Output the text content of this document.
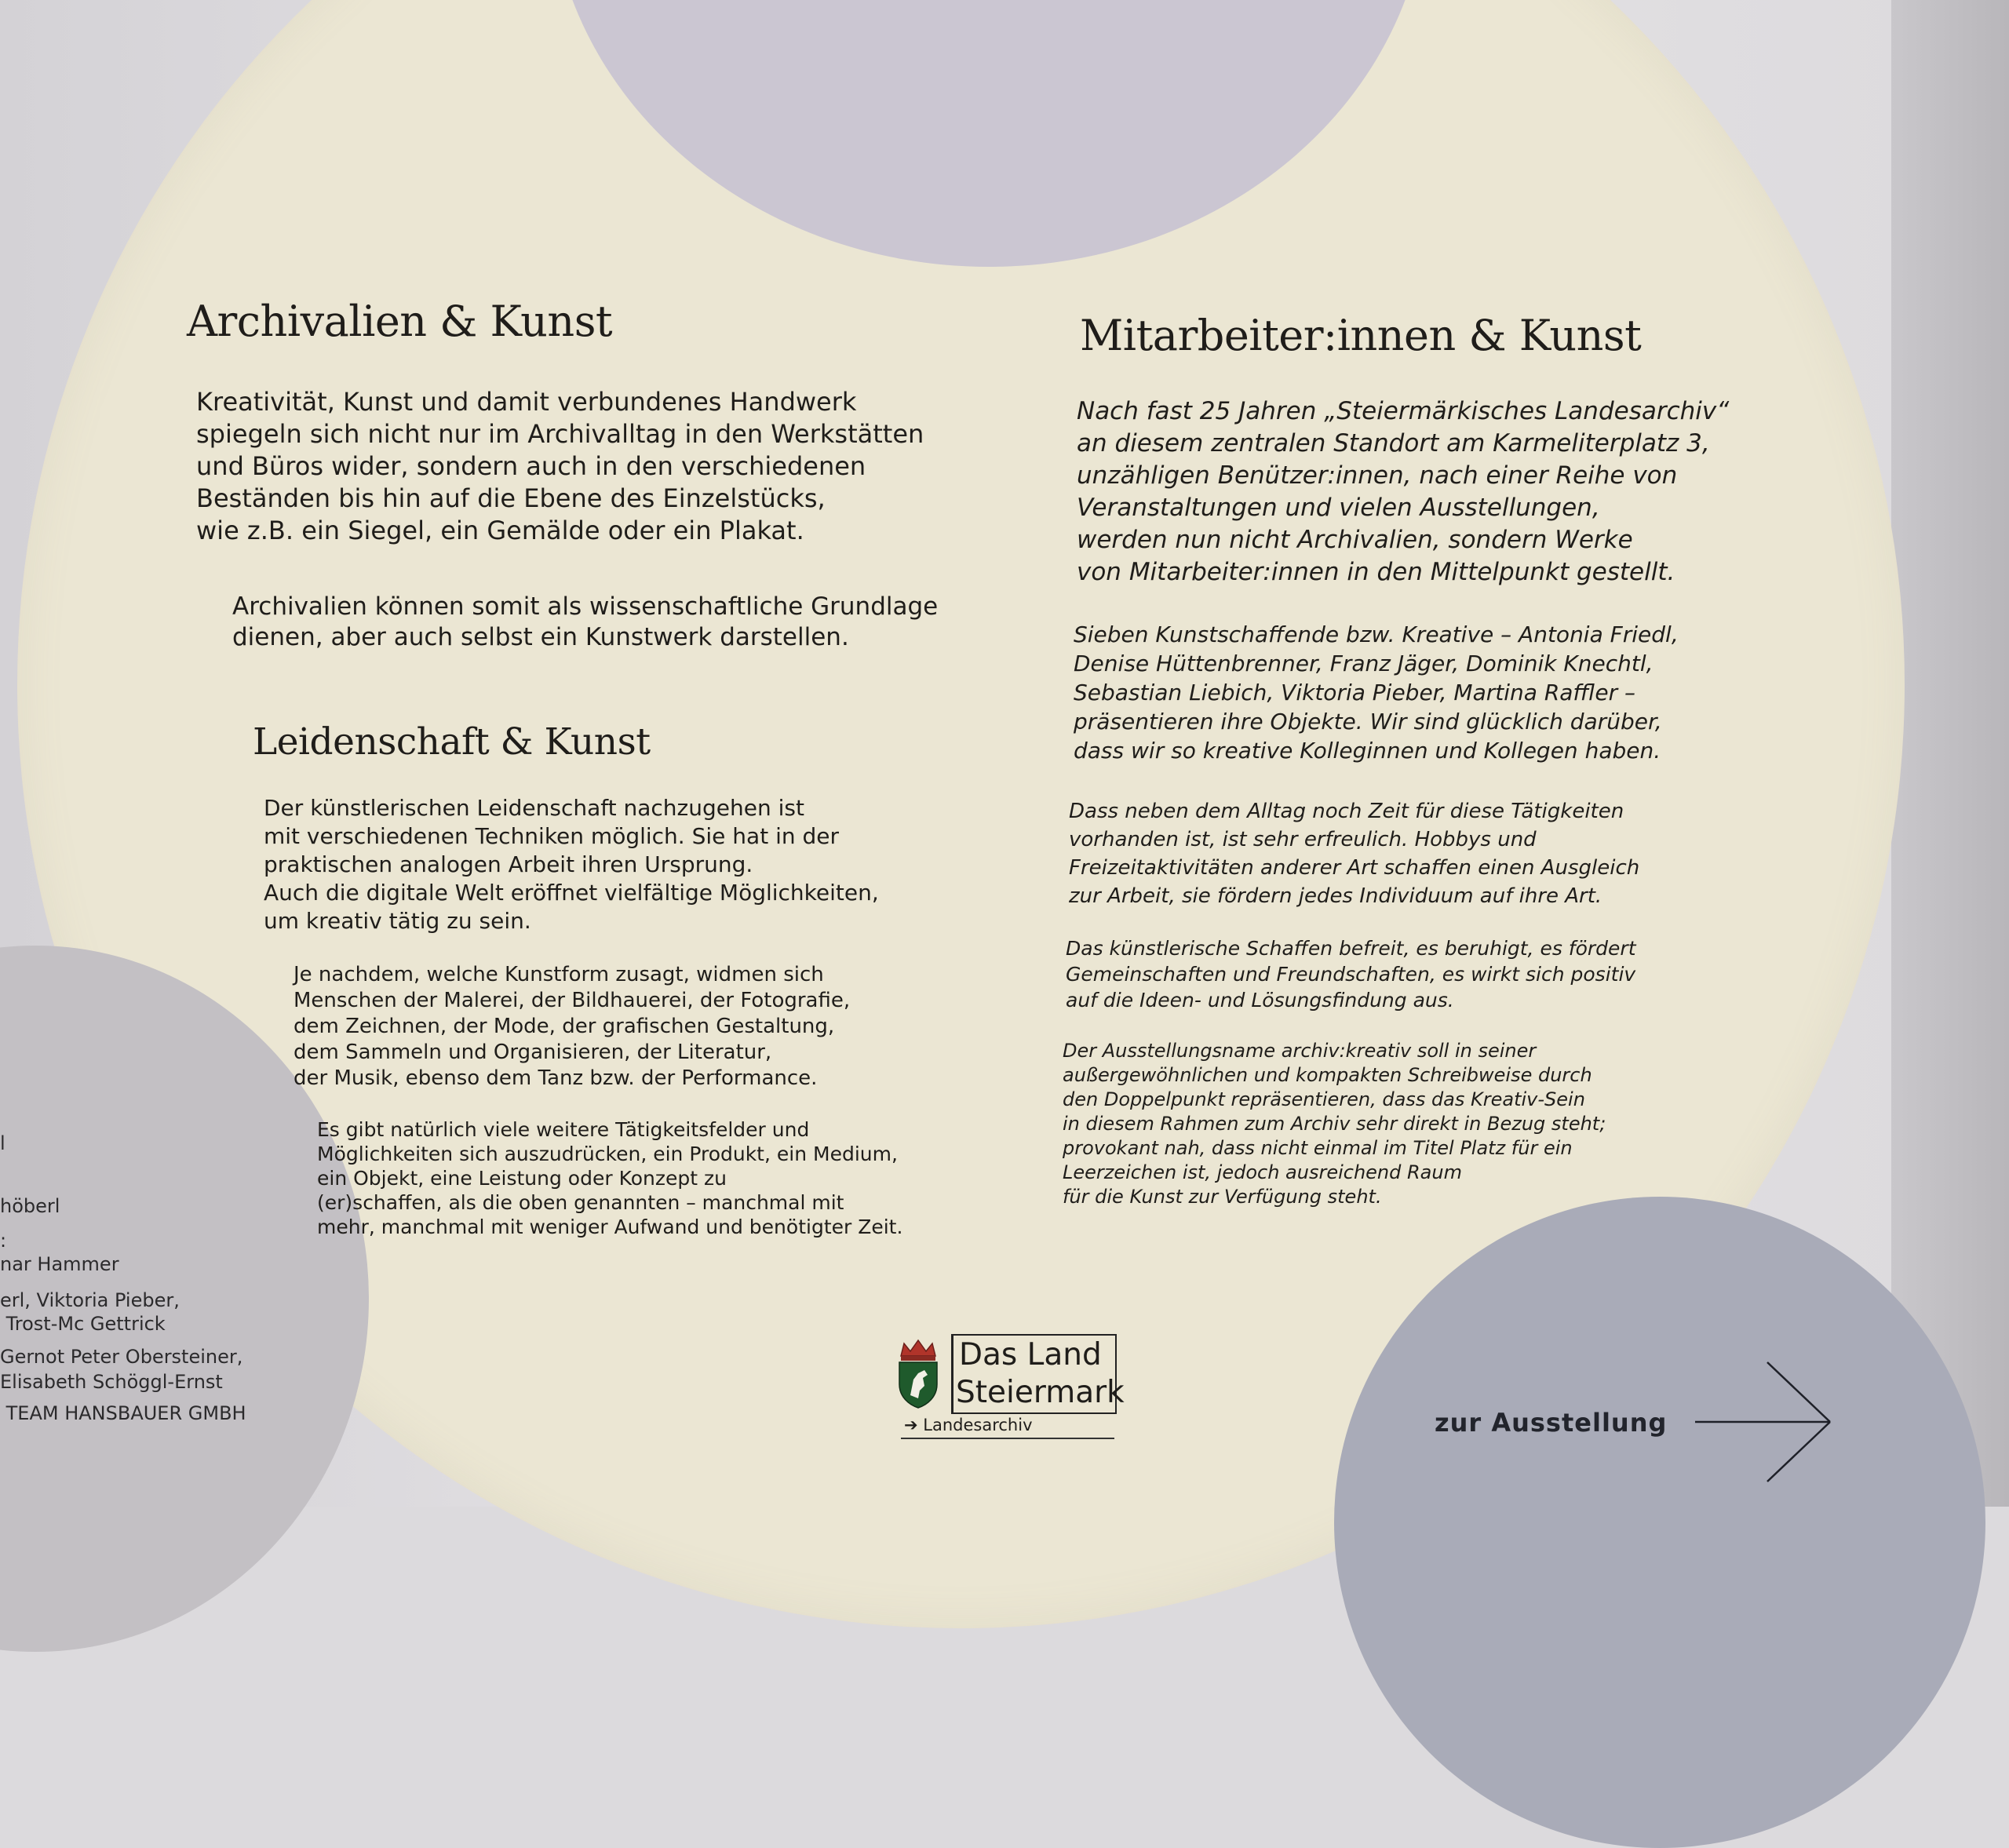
Archivalien & Kunst
Kreativität, Kunst und damit verbundenes Handwerk
spiegeln sich nicht nur im Archivalltag in den Werkstätten
und Büros wider, sondern auch in den verschiedenen
Beständen bis hin auf die Ebene des Einzelstücks,
wie z.B. ein Siegel, ein Gemälde oder ein Plakat.
Archivalien können somit als wissenschaftliche Grundlage
dienen, aber auch selbst ein Kunstwerk darstellen.
Leidenschaft & Kunst
Der künstlerischen Leidenschaft nachzugehen ist
mit verschiedenen Techniken möglich. Sie hat in der
praktischen analogen Arbeit ihren Ursprung.
Auch die digitale Welt eröffnet vielfältige Möglichkeiten,
um kreativ tätig zu sein.
Je nachdem, welche Kunstform zusagt, widmen sich
Menschen der Malerei, der Bildhauerei, der Fotografie,
dem Zeichnen, der Mode, der grafischen Gestaltung,
dem Sammeln und Organisieren, der Literatur,
der Musik, ebenso dem Tanz bzw. der Performance.
Es gibt natürlich viele weitere Tätigkeitsfelder und
Möglichkeiten sich auszudrücken, ein Produkt, ein Medium,
ein Objekt, eine Leistung oder Konzept zu
(er)schaffen, als die oben genannten – manchmal mit
mehr, manchmal mit weniger Aufwand und benötigter Zeit.
Mitarbeiter:innen & Kunst
Nach fast 25 Jahren „Steiermärkisches Landesarchiv“
an diesem zentralen Standort am Karmeliterplatz 3,
unzähligen Benützer:innen, nach einer Reihe von
Veranstaltungen und vielen Ausstellungen,
werden nun nicht Archivalien, sondern Werke
von Mitarbeiter:innen in den Mittelpunkt gestellt.
Sieben Kunstschaffende bzw. Kreative – Antonia Friedl,
Denise Hüttenbrenner, Franz Jäger, Dominik Knechtl,
Sebastian Liebich, Viktoria Pieber, Martina Raffler –
präsentieren ihre Objekte. Wir sind glücklich darüber,
dass wir so kreative Kolleginnen und Kollegen haben.
Dass neben dem Alltag noch Zeit für diese Tätigkeiten
vorhanden ist, ist sehr erfreulich. Hobbys und
Freizeitaktivitäten anderer Art schaffen einen Ausgleich
zur Arbeit, sie fördern jedes Individuum auf ihre Art.
Das künstlerische Schaffen befreit, es beruhigt, es fördert
Gemeinschaften und Freundschaften, es wirkt sich positiv
auf die Ideen- und Lösungsfindung aus.
Der Ausstellungsname archiv:kreativ soll in seiner
außergewöhnlichen und kompakten Schreibweise durch
den Doppelpunkt repräsentieren, dass das Kreativ-Sein
in diesem Rahmen zum Archiv sehr direkt in Bezug steht;
provokant nah, dass nicht einmal im Titel Platz für ein
Leerzeichen ist, jedoch ausreichend Raum
für die Kunst zur Verfügung steht.

l

höberl

:

nar Hammer

erl, Viktoria Pieber,

Trost-Mc Gettrick

Gernot Peter Obersteiner,

Elisabeth Schöggl-Ernst

TEAM HANSBAUER GMBH

Das Land
Steiermark
➔ Landesarchiv	zur Ausstellung
